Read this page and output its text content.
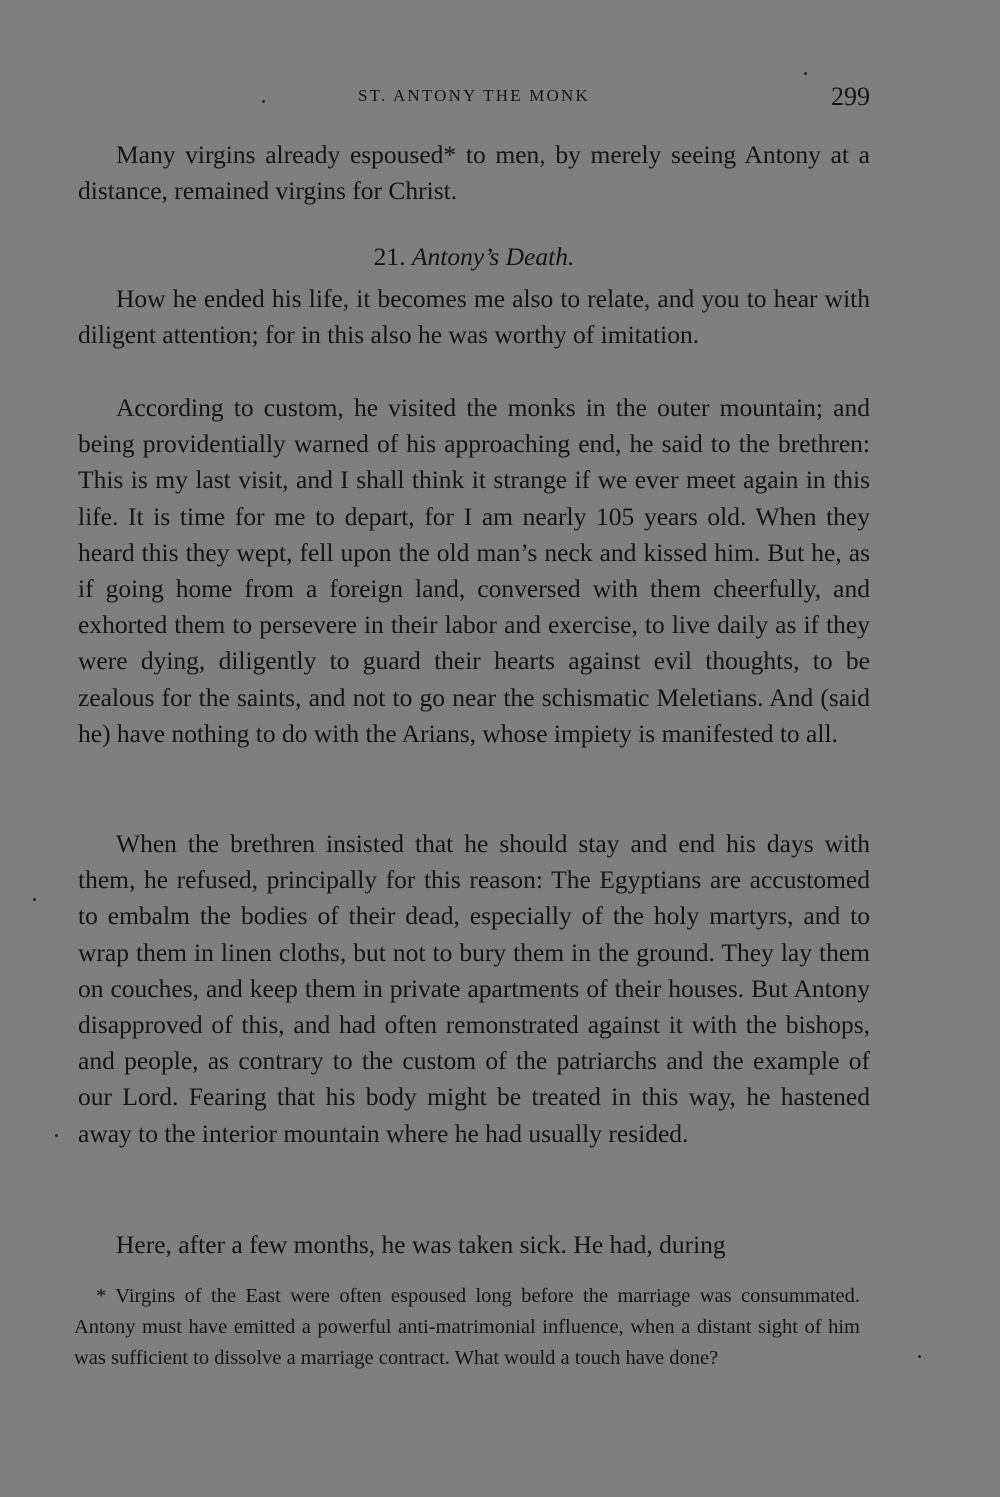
ST. ANTONY THE MONK	299

Many virgins already espoused* to men, by merely seeing Antony at a distance, remained virgins for Christ.

21. Antony’s Death.

How he ended his life, it becomes me also to relate, and you to hear with diligent attention; for in this also he was worthy of imitation.

According to custom, he visited the monks in the outer mountain; and being providentially warned of his approaching end, he said to the brethren: This is my last visit, and I shall think it strange if we ever meet again in this life. It is time for me to depart, for I am nearly 105 years old. When they heard this they wept, fell upon the old man’s neck and kissed him. But he, as if going home from a foreign land, conversed with them cheerfully, and exhorted them to persevere in their labor and exercise, to live daily as if they were dying, diligently to guard their hearts against evil thoughts, to be zealous for the saints, and not to go near the schismatic Meletians. And (said he) have nothing to do with the Arians, whose impiety is manifested to all.

When the brethren insisted that he should stay and end his days with them, he refused, principally for this reason: The Egyptians are accustomed to embalm the bodies of their dead, especially of the holy martyrs, and to wrap them in linen cloths, but not to bury them in the ground. They lay them on couches, and keep them in private apartments of their houses. But Antony disapproved of this, and had often remonstrated against it with the bishops, and people, as contrary to the custom of the patriarchs and the example of our Lord. Fearing that his body might be treated in this way, he hastened away to the interior mountain where he had usually resided.

Here, after a few months, he was taken sick. He had, during

* Virgins of the East were often espoused long before the marriage was consummated. Antony must have emitted a powerful anti-matrimonial influence, when a distant sight of him was sufficient to dissolve a marriage contract. What would a touch have done?
